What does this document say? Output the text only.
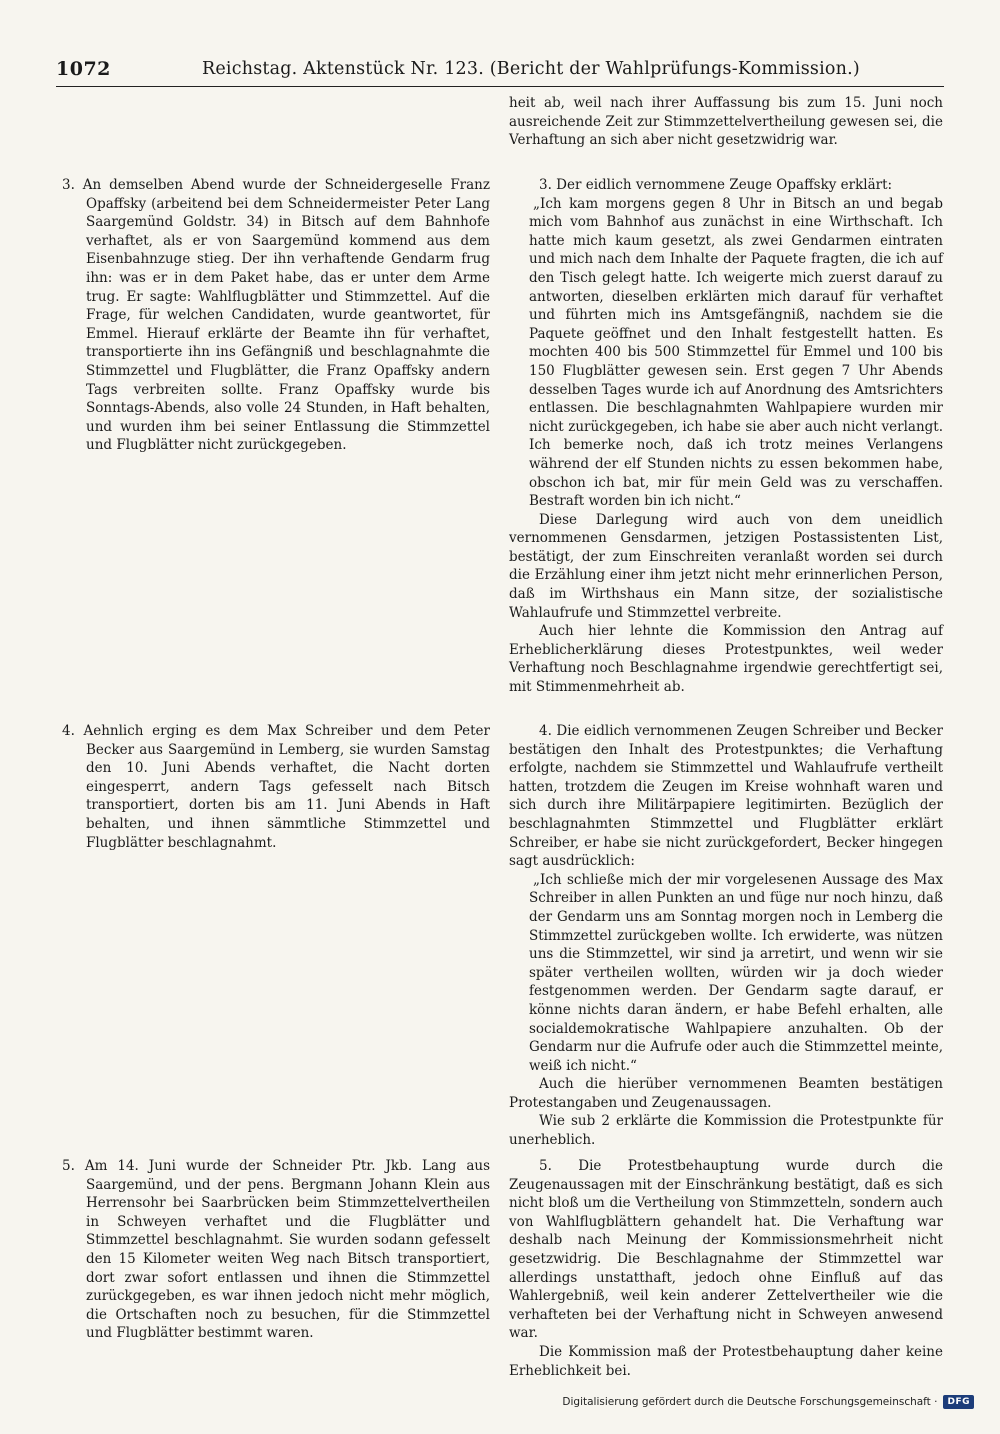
1072	Reichstag. Aktenstück Nr. 123. (Bericht der Wahlprüfungs-Kommission.)

3. An demselben Abend wurde der Schneidergeselle Franz Opaffsky (arbeitend bei dem Schneidermeister Peter Lang Saargemünd Goldstr. 34) in Bitsch auf dem Bahnhofe verhaftet, als er von Saargemünd kommend aus dem Eisenbahnzuge stieg. Der ihn verhaftende Gendarm frug ihn: was er in dem Paket habe, das er unter dem Arme trug. Er sagte: Wahlflugblätter und Stimmzettel. Auf die Frage, für welchen Candidaten, wurde geantwortet, für Emmel. Hierauf erklärte der Beamte ihn für verhaftet, transportierte ihn ins Gefängniß und beschlagnahmte die Stimmzettel und Flugblätter, die Franz Opaffsky andern Tags verbreiten sollte. Franz Opaffsky wurde bis Sonntags-Abends, also volle 24 Stunden, in Haft behalten, und wurden ihm bei seiner Entlassung die Stimmzettel und Flugblätter nicht zurückgegeben.

4. Aehnlich erging es dem Max Schreiber und dem Peter Becker aus Saargemünd in Lemberg, sie wurden Samstag den 10. Juni Abends verhaftet, die Nacht dorten eingesperrt, andern Tags gefesselt nach Bitsch transportiert, dorten bis am 11. Juni Abends in Haft behalten, und ihnen sämmtliche Stimmzettel und Flugblätter beschlagnahmt.

5. Am 14. Juni wurde der Schneider Ptr. Jkb. Lang aus Saargemünd, und der pens. Bergmann Johann Klein aus Herrensohr bei Saarbrücken beim Stimmzettelvertheilen in Schweyen verhaftet und die Flugblätter und Stimmzettel beschlagnahmt. Sie wurden sodann gefesselt den 15 Kilometer weiten Weg nach Bitsch transportiert, dort zwar sofort entlassen und ihnen die Stimmzettel zurückgegeben, es war ihnen jedoch nicht mehr möglich, die Ortschaften noch zu besuchen, für die Stimmzettel und Flugblätter bestimmt waren.

heit ab, weil nach ihrer Auffassung bis zum 15. Juni noch ausreichende Zeit zur Stimmzettelvertheilung gewesen sei, die Verhaftung an sich aber nicht gesetzwidrig war.

3. Der eidlich vernommene Zeuge Opaffsky erklärt:

„Ich kam morgens gegen 8 Uhr in Bitsch an und begab mich vom Bahnhof aus zunächst in eine Wirthschaft. Ich hatte mich kaum gesetzt, als zwei Gendarmen eintraten und mich nach dem Inhalte der Paquete fragten, die ich auf den Tisch gelegt hatte. Ich weigerte mich zuerst darauf zu antworten, dieselben erklärten mich darauf für verhaftet und führten mich ins Amtsgefängniß, nachdem sie die Paquete geöffnet und den Inhalt festgestellt hatten. Es mochten 400 bis 500 Stimmzettel für Emmel und 100 bis 150 Flugblätter gewesen sein. Erst gegen 7 Uhr Abends desselben Tages wurde ich auf Anordnung des Amtsrichters entlassen. Die beschlagnahmten Wahlpapiere wurden mir nicht zurückgegeben, ich habe sie aber auch nicht verlangt. Ich bemerke noch, daß ich trotz meines Verlangens während der elf Stunden nichts zu essen bekommen habe, obschon ich bat, mir für mein Geld was zu verschaffen. Bestraft worden bin ich nicht.“

Diese Darlegung wird auch von dem uneidlich vernommenen Gensdarmen, jetzigen Postassistenten List, bestätigt, der zum Einschreiten veranlaßt worden sei durch die Erzählung einer ihm jetzt nicht mehr erinnerlichen Person, daß im Wirthshaus ein Mann sitze, der sozialistische Wahlaufrufe und Stimmzettel verbreite.

Auch hier lehnte die Kommission den Antrag auf Erheblicherklärung dieses Protestpunktes, weil weder Verhaftung noch Beschlagnahme irgendwie gerechtfertigt sei, mit Stimmenmehrheit ab.

4. Die eidlich vernommenen Zeugen Schreiber und Becker bestätigen den Inhalt des Protestpunktes; die Verhaftung erfolgte, nachdem sie Stimmzettel und Wahlaufrufe vertheilt hatten, trotzdem die Zeugen im Kreise wohnhaft waren und sich durch ihre Militärpapiere legitimirten. Bezüglich der beschlagnahmten Stimmzettel und Flugblätter erklärt Schreiber, er habe sie nicht zurückgefordert, Becker hingegen sagt ausdrücklich:

„Ich schließe mich der mir vorgelesenen Aussage des Max Schreiber in allen Punkten an und füge nur noch hinzu, daß der Gendarm uns am Sonntag morgen noch in Lemberg die Stimmzettel zurückgeben wollte. Ich erwiderte, was nützen uns die Stimmzettel, wir sind ja arretirt, und wenn wir sie später vertheilen wollten, würden wir ja doch wieder festgenommen werden. Der Gendarm sagte darauf, er könne nichts daran ändern, er habe Befehl erhalten, alle socialdemokratische Wahlpapiere anzuhalten. Ob der Gendarm nur die Aufrufe oder auch die Stimmzettel meinte, weiß ich nicht.“

Auch die hierüber vernommenen Beamten bestätigen Protestangaben und Zeugenaussagen.

Wie sub 2 erklärte die Kommission die Protestpunkte für unerheblich.

5. Die Protestbehauptung wurde durch die Zeugenaussagen mit der Einschränkung bestätigt, daß es sich nicht bloß um die Vertheilung von Stimmzetteln, sondern auch von Wahlflugblättern gehandelt hat. Die Verhaftung war deshalb nach Meinung der Kommissionsmehrheit nicht gesetzwidrig. Die Beschlagnahme der Stimmzettel war allerdings unstatthaft, jedoch ohne Einfluß auf das Wahlergebniß, weil kein anderer Zettelvertheiler wie die verhafteten bei der Verhaftung nicht in Schweyen anwesend war.

Die Kommission maß der Protestbehauptung daher keine Erheblichkeit bei.

Digitalisierung gefördert durch die Deutsche Forschungsgemeinschaft ·	DFG
